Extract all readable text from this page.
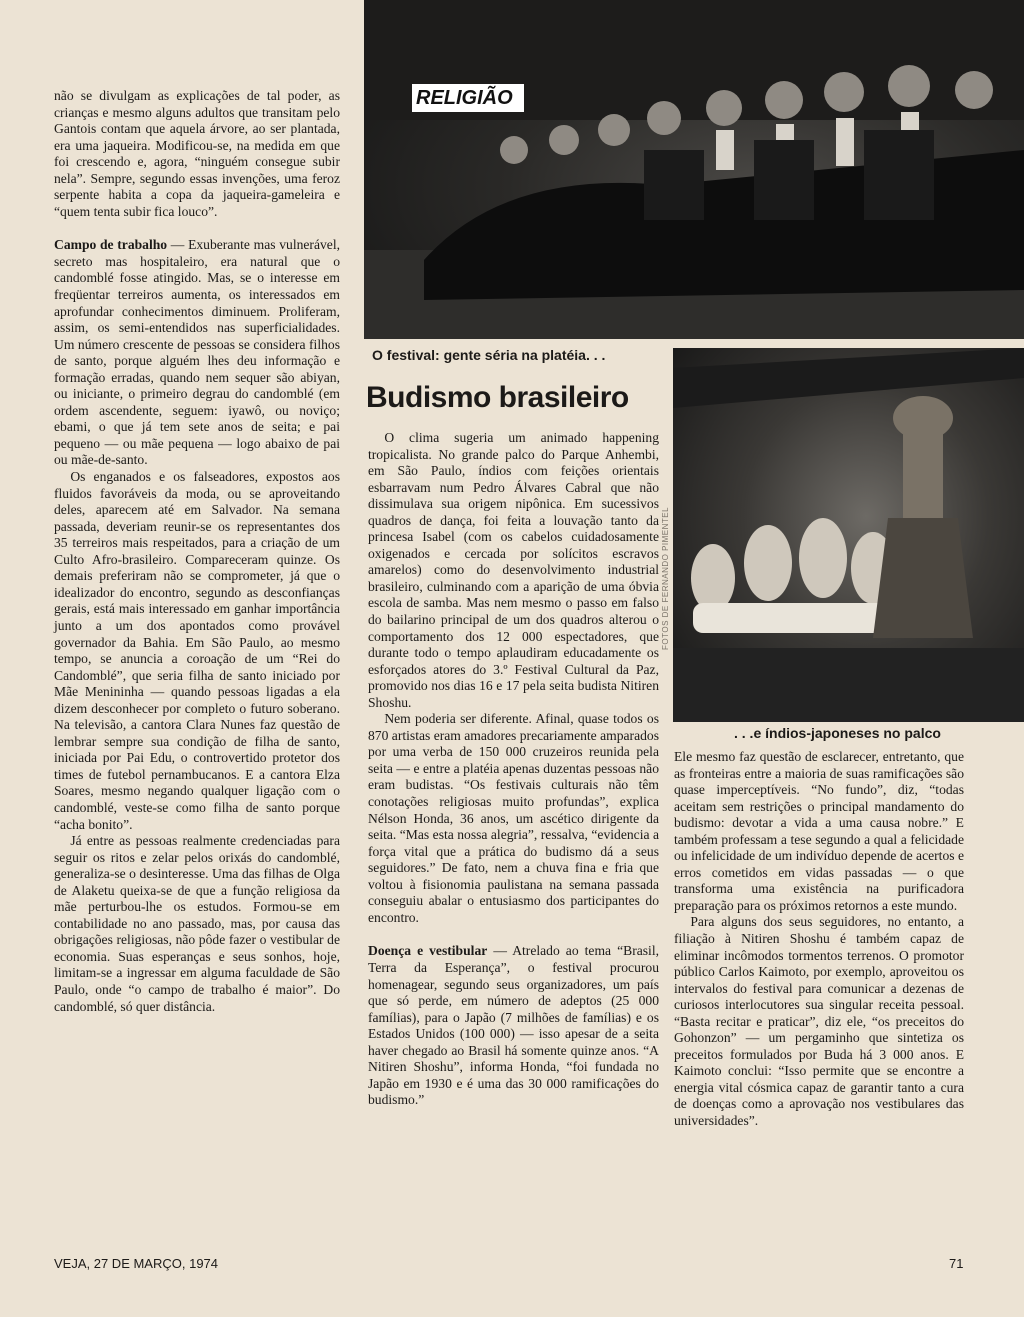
não se divulgam as explicações de tal poder, as crianças e mesmo alguns adultos que transitam pelo Gantois contam que aquela árvore, ao ser plantada, era uma jaqueira. Modificou-se, na medida em que foi crescendo e, agora, “ninguém consegue subir nela”. Sempre, segundo essas invenções, uma feroz serpente habita a copa da jaqueira-gameleira e “quem tenta subir fica louco”.

Campo de trabalho — Exuberante mas vulnerável, secreto mas hospitaleiro, era natural que o candomblé fosse atingido. Mas, se o interesse em freqüentar terreiros aumenta, os interessados em aprofundar conhecimentos diminuem. Proliferam, assim, os semi-entendidos nas superficialidades. Um número crescente de pessoas se considera filhos de santo, porque alguém lhes deu informação e formação erradas, quando nem sequer são abiyan, ou iniciante, o primeiro degrau do candomblé (em ordem ascendente, seguem: iyawô, ou noviço; ebami, o que já tem sete anos de seita; e pai pequeno — ou mãe pequena — logo abaixo de pai ou mãe-de-santo.

Os enganados e os falseadores, expostos aos fluidos favoráveis da moda, ou se aproveitando deles, aparecem até em Salvador. Na semana passada, deveriam reunir-se os representantes dos 35 terreiros mais respeitados, para a criação de um Culto Afro-brasileiro. Compareceram quinze. Os demais preferiram não se comprometer, já que o idealizador do encontro, segundo as desconfianças gerais, está mais interessado em ganhar importância junto a um dos apontados como provável governador da Bahia. Em São Paulo, ao mesmo tempo, se anuncia a coroação de um “Rei do Candomblé”, que seria filha de santo iniciado por Mãe Menininha — quando pessoas ligadas a ela dizem desconhecer por completo o futuro soberano. Na televisão, a cantora Clara Nunes faz questão de lembrar sempre sua condição de filha de santo, iniciada por Pai Edu, o controvertido protetor dos times de futebol pernambucanos. E a cantora Elza Soares, mesmo negando qualquer ligação com o candomblé, veste-se como filha de santo porque “acha bonito”.

Já entre as pessoas realmente credenciadas para seguir os ritos e zelar pelos orixás do candomblé, generaliza-se o desinteresse. Uma das filhas de Olga de Alaketu queixa-se de que a função religiosa da mãe perturbou-lhe os estudos. Formou-se em contabilidade no ano passado, mas, por causa das obrigações religiosas, não pôde fazer o vestibular de economia. Suas esperanças e seus sonhos, hoje, limitam-se a ingressar em alguma faculdade de São Paulo, onde “o campo de trabalho é maior”. Do candomblé, só quer distância.

RELIGIÃO
O festival: gente séria na platéia. . .
Budismo brasileiro

O clima sugeria um animado happening tropicalista. No grande palco do Parque Anhembi, em São Paulo, índios com feições orientais esbarravam num Pedro Álvares Cabral que não dissimulava sua origem nipônica. Em sucessivos quadros de dança, foi feita a louvação tanto da princesa Isabel (com os cabelos cuidadosamente oxigenados e cercada por solícitos escravos amarelos) como do desenvolvimento industrial brasileiro, culminando com a aparição de uma óbvia escola de samba. Mas nem mesmo o passo em falso do bailarino principal de um dos quadros alterou o comportamento dos 12 000 espectadores, que durante todo o tempo aplaudiram educadamente os esforçados atores do 3.º Festival Cultural da Paz, promovido nos dias 16 e 17 pela seita budista Nitiren Shoshu.

Nem poderia ser diferente. Afinal, quase todos os 870 artistas eram amadores precariamente amparados por uma verba de 150 000 cruzeiros reunida pela seita — e entre a platéia apenas duzentas pessoas não eram budistas. “Os festivais culturais não têm conotações religiosas muito profundas”, explica Nélson Honda, 36 anos, um ascético dirigente da seita. “Mas esta nossa alegria”, ressalva, “evidencia a força vital que a prática do budismo dá a seus seguidores.” De fato, nem a chuva fina e fria que voltou à fisionomia paulistana na semana passada conseguiu abalar o entusiasmo dos participantes do encontro.

Doença e vestibular — Atrelado ao tema “Brasil, Terra da Esperança”, o festival procurou homenagear, segundo seus organizadores, um país que só perde, em número de adeptos (25 000 famílias), para o Japão (7 milhões de famílias) e os Estados Unidos (100 000) — isso apesar de a seita haver chegado ao Brasil há somente quinze anos. “A Nitiren Shoshu”, informa Honda, “foi fundada no Japão em 1930 e é uma das 30 000 ramificações do budismo.”

FOTOS DE FERNANDO PIMENTEL
. . .e índios-japoneses no palco

Ele mesmo faz questão de esclarecer, entretanto, que as fronteiras entre a maioria de suas ramificações são quase imperceptíveis. “No fundo”, diz, “todas aceitam sem restrições o principal mandamento do budismo: devotar a vida a uma causa nobre.” E também professam a tese segundo a qual a felicidade ou infelicidade de um indivíduo depende de acertos e erros cometidos em vidas passadas — o que transforma uma existência na purificadora preparação para os próximos retornos a este mundo.

Para alguns dos seus seguidores, no entanto, a filiação à Nitiren Shoshu é também capaz de eliminar incômodos tormentos terrenos. O promotor público Carlos Kaimoto, por exemplo, aproveitou os intervalos do festival para comunicar a dezenas de curiosos interlocutores sua singular receita pessoal. “Basta recitar e praticar”, diz ele, “os preceitos do Gohonzon” — um pergaminho que sintetiza os preceitos formulados por Buda há 3 000 anos. E Kaimoto conclui: “Isso permite que se encontre a energia vital cósmica capaz de garantir tanto a cura de doenças como a aprovação nos vestibulares das universidades”.

VEJA, 27 DE MARÇO, 1974	71
